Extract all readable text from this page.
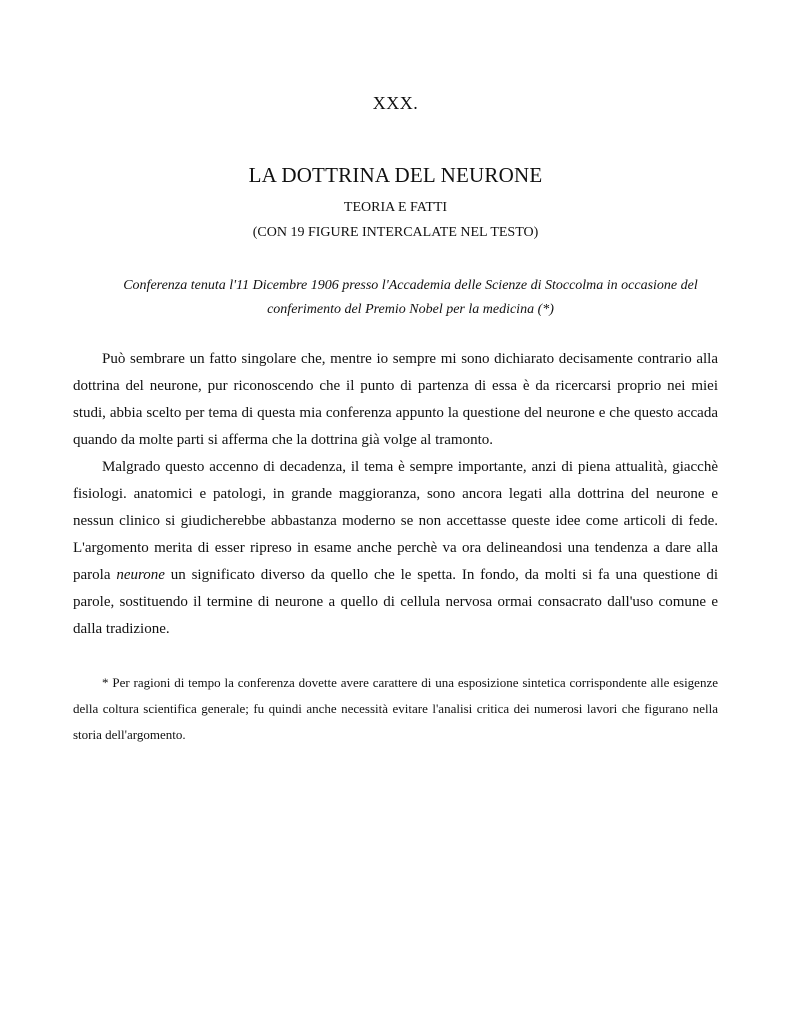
XXX.
LA DOTTRINA DEL NEURONE
TEORIA E FATTI
(CON 19 FIGURE INTERCALATE NEL TESTO)
Conferenza tenuta l'11 Dicembre 1906 presso l'Accademia delle Scienze di Stoccolma in occasione del conferimento del Premio Nobel per la medicina (*)

Può sembrare un fatto singolare che, mentre io sempre mi sono dichiarato decisamente contrario alla dottrina del neurone, pur riconoscendo che il punto di partenza di essa è da ricercarsi proprio nei miei studi, abbia scelto per tema di questa mia conferenza appunto la questione del neurone e che questo accada quando da molte parti si afferma che la dottrina già volge al tramonto.

Malgrado questo accenno di decadenza, il tema è sempre importante, anzi di piena attualità, giacchè fisiologi. anatomici e patologi, in grande maggioranza, sono ancora legati alla dottrina del neurone e nessun clinico si giudicherebbe abbastanza moderno se non accettasse queste idee come articoli di fede. L'argomento merita di esser ripreso in esame anche perchè va ora delineandosi una tendenza a dare alla parola neurone un significato diverso da quello che le spetta. In fondo, da molti si fa una questione di parole, sostituendo il termine di neurone a quello di cellula nervosa ormai consacrato dall'uso comune e dalla tradizione.

* Per ragioni di tempo la conferenza dovette avere carattere di una esposizione sintetica corrispondente alle esigenze della coltura scientifica generale; fu quindi anche necessità evitare l'analisi critica dei numerosi lavori che figurano nella storia dell'argomento.
